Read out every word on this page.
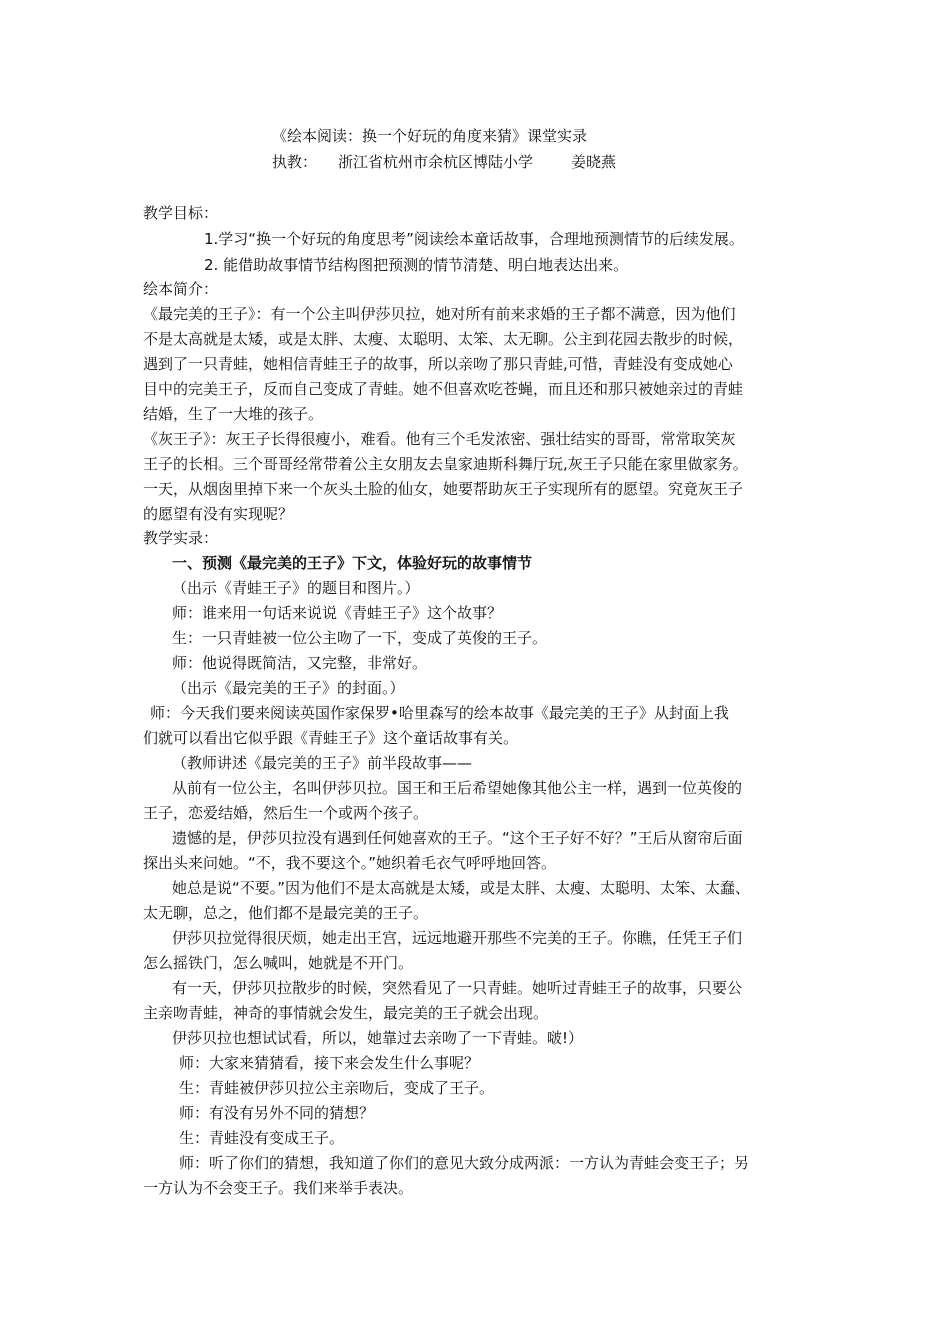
《绘本阅读：换一个好玩的角度来猜》课堂实录
执教： 浙江省杭州市余杭区博陆小学	姜晓燕
教学目标：
1.学习“换一个好玩的角度思考”阅读绘本童话故事，合理地预测情节的后续发展。
2. 能借助故事情节结构图把预测的情节清楚、明白地表达出来。
绘本简介：
《最完美的王子》：有一个公主叫伊莎贝拉，她对所有前来求婚的王子都不满意，因为他们
不是太高就是太矮，或是太胖、太瘦、太聪明、太笨、太无聊。公主到花园去散步的时候，
遇到了一只青蛙，她相信青蛙王子的故事，所以亲吻了那只青蛙,可惜，青蛙没有变成她心
目中的完美王子，反而自己变成了青蛙。她不但喜欢吃苍蝇，而且还和那只被她亲过的青蛙
结婚，生了一大堆的孩子。
《灰王子》：灰王子长得很瘦小，难看。他有三个毛发浓密、强壮结实的哥哥，常常取笑灰
王子的长相。三个哥哥经常带着公主女朋友去皇家迪斯科舞厅玩,灰王子只能在家里做家务。
一天，从烟囱里掉下来一个灰头土脸的仙女，她要帮助灰王子实现所有的愿望。究竟灰王子
的愿望有没有实现呢？
教学实录：
一、预测《最完美的王子》下文，体验好玩的故事情节
（出示《青蛙王子》的题目和图片。）
师：谁来用一句话来说说《青蛙王子》这个故事？
生：一只青蛙被一位公主吻了一下，变成了英俊的王子。
师：他说得既简洁，又完整，非常好。
（出示《最完美的王子》的封面。）
师：今天我们要来阅读英国作家保罗•哈里森写的绘本故事《最完美的王子》从封面上我
们就可以看出它似乎跟《青蛙王子》这个童话故事有关。
（教师讲述《最完美的王子》前半段故事——
从前有一位公主，名叫伊莎贝拉。国王和王后希望她像其他公主一样，遇到一位英俊的
王子，恋爱结婚，然后生一个或两个孩子。
遗憾的是，伊莎贝拉没有遇到任何她喜欢的王子。“这个王子好不好？”王后从窗帘后面
探出头来问她。“不，我不要这个。”她织着毛衣气呼呼地回答。
她总是说“不要。”因为他们不是太高就是太矮，或是太胖、太瘦、太聪明、太笨、太蠢、
太无聊，总之，他们都不是最完美的王子。
伊莎贝拉觉得很厌烦，她走出王宫，远远地避开那些不完美的王子。你瞧，任凭王子们
怎么摇铁门，怎么喊叫，她就是不开门。
有一天，伊莎贝拉散步的时候，突然看见了一只青蛙。她听过青蛙王子的故事，只要公
主亲吻青蛙，神奇的事情就会发生，最完美的王子就会出现。
伊莎贝拉也想试试看，所以，她靠过去亲吻了一下青蛙。啵!）
师：大家来猜猜看，接下来会发生什么事呢？
生：青蛙被伊莎贝拉公主亲吻后，变成了王子。
师：有没有另外不同的猜想？
生：青蛙没有变成王子。
师：听了你们的猜想，我知道了你们的意见大致分成两派：一方认为青蛙会变王子；另
一方认为不会变王子。我们来举手表决。
